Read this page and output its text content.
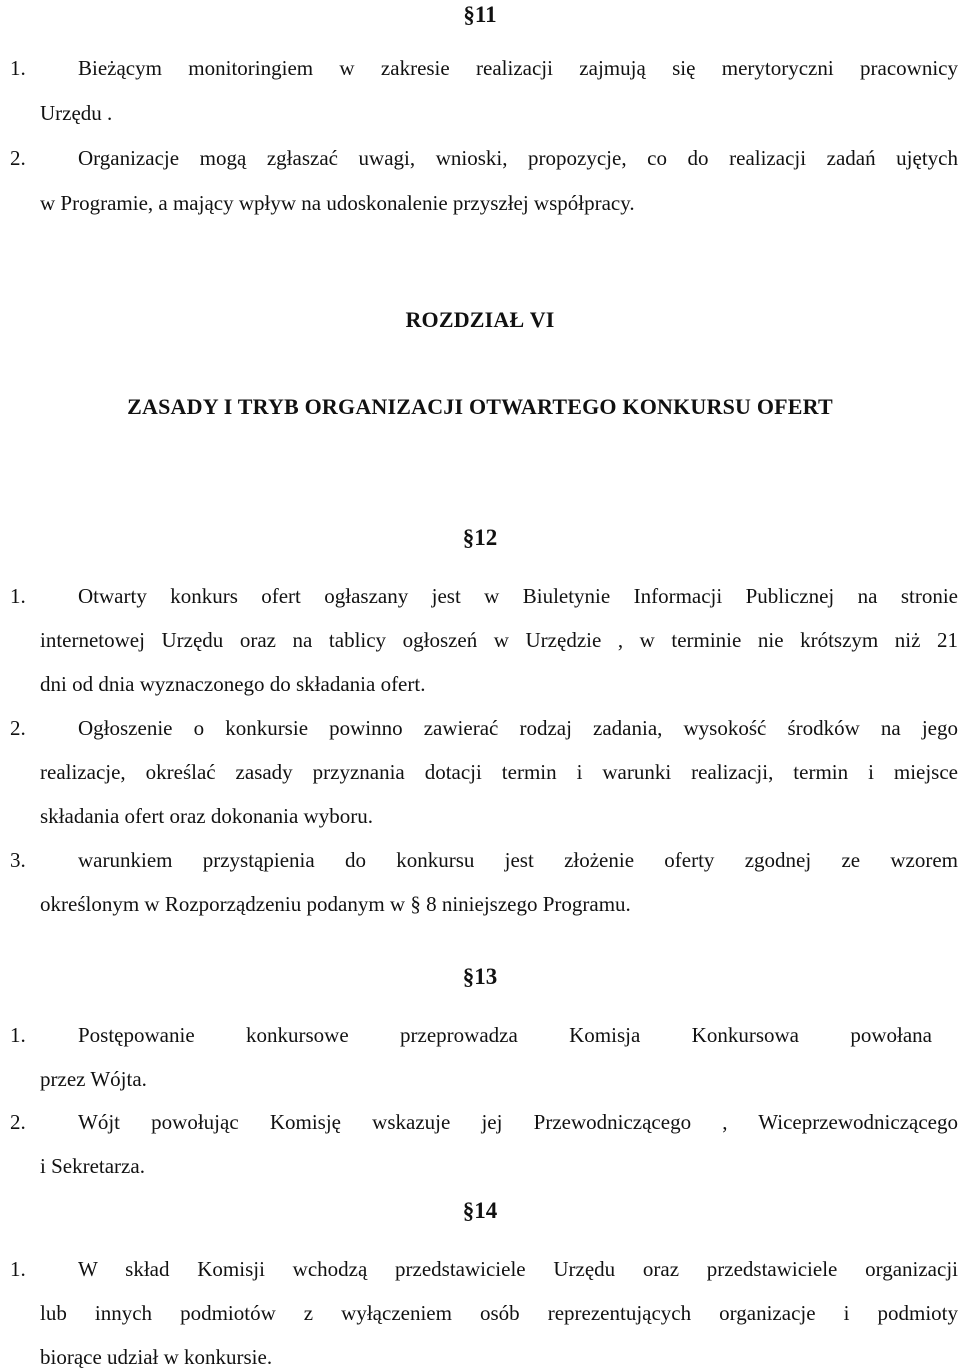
§11
1. Bieżącym monitoringiem w zakresie realizacji zajmują się merytoryczni pracownicy
Urzędu .
2. Organizacje mogą zgłaszać uwagi, wnioski, propozycje, co do realizacji zadań ujętych
w Programie, a mający wpływ na udoskonalenie przyszłej współpracy.
ROZDZIAŁ VI
ZASADY I TRYB ORGANIZACJI OTWARTEGO KONKURSU OFERT
§12
1. Otwarty konkurs ofert ogłaszany jest w Biuletynie Informacji Publicznej na stronie
internetowej Urzędu oraz na tablicy ogłoszeń w Urzędzie , w terminie nie krótszym niż 21
dni od dnia wyznaczonego do składania ofert.
2. Ogłoszenie o konkursie powinno zawierać rodzaj zadania, wysokość środków na jego
realizacje, określać zasady przyznania dotacji termin i warunki realizacji, termin i miejsce
składania ofert oraz dokonania wyboru.
3. warunkiem przystąpienia do konkursu jest złożenie oferty zgodnej ze wzorem
określonym w Rozporządzeniu podanym w § 8 niniejszego Programu.
§13
1. Postępowanie konkursowe przeprowadza Komisja Konkursowa powołana
przez Wójta.
2. Wójt powołując Komisję wskazuje jej Przewodniczącego , Wiceprzewodniczącego
i Sekretarza.
§14
1. W skład Komisji wchodzą przedstawiciele Urzędu oraz przedstawiciele organizacji
lub innych podmiotów z wyłączeniem osób reprezentujących organizacje i podmioty
biorące udział w konkursie.
